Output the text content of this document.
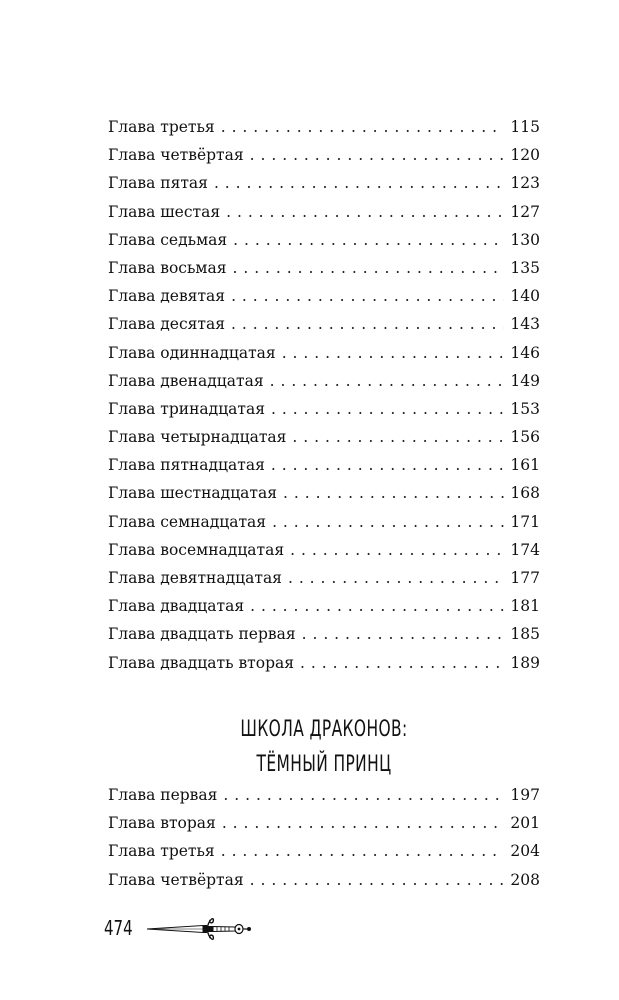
Глава третья . . .	115
Глава четвёртая . . .	120
Глава пятая . . .	123
Глава шестая . . .	127
Глава седьмая . . .	130
Глава восьмая . . .	135
Глава девятая . . .	140
Глава десятая . . .	143
Глава одиннадцатая . . .	146
Глава двенадцатая . . .	149
Глава тринадцатая . . .	153
Глава четырнадцатая . . .	156
Глава пятнадцатая . . .	161
Глава шестнадцатая . . .	168
Глава семнадцатая . . .	171
Глава восемнадцатая . . .	174
Глава девятнадцатая . . .	177
Глава двадцатая . . .	181
Глава двадцать первая . . .	185
Глава двадцать вторая . . .	189
ШКОЛА ДРАКОНОВ:
ТЁМНЫЙ ПРИНЦ
Глава первая . . .	197
Глава вторая . . .	201
Глава третья . . .	204
Глава четвёртая . . .	208
474
